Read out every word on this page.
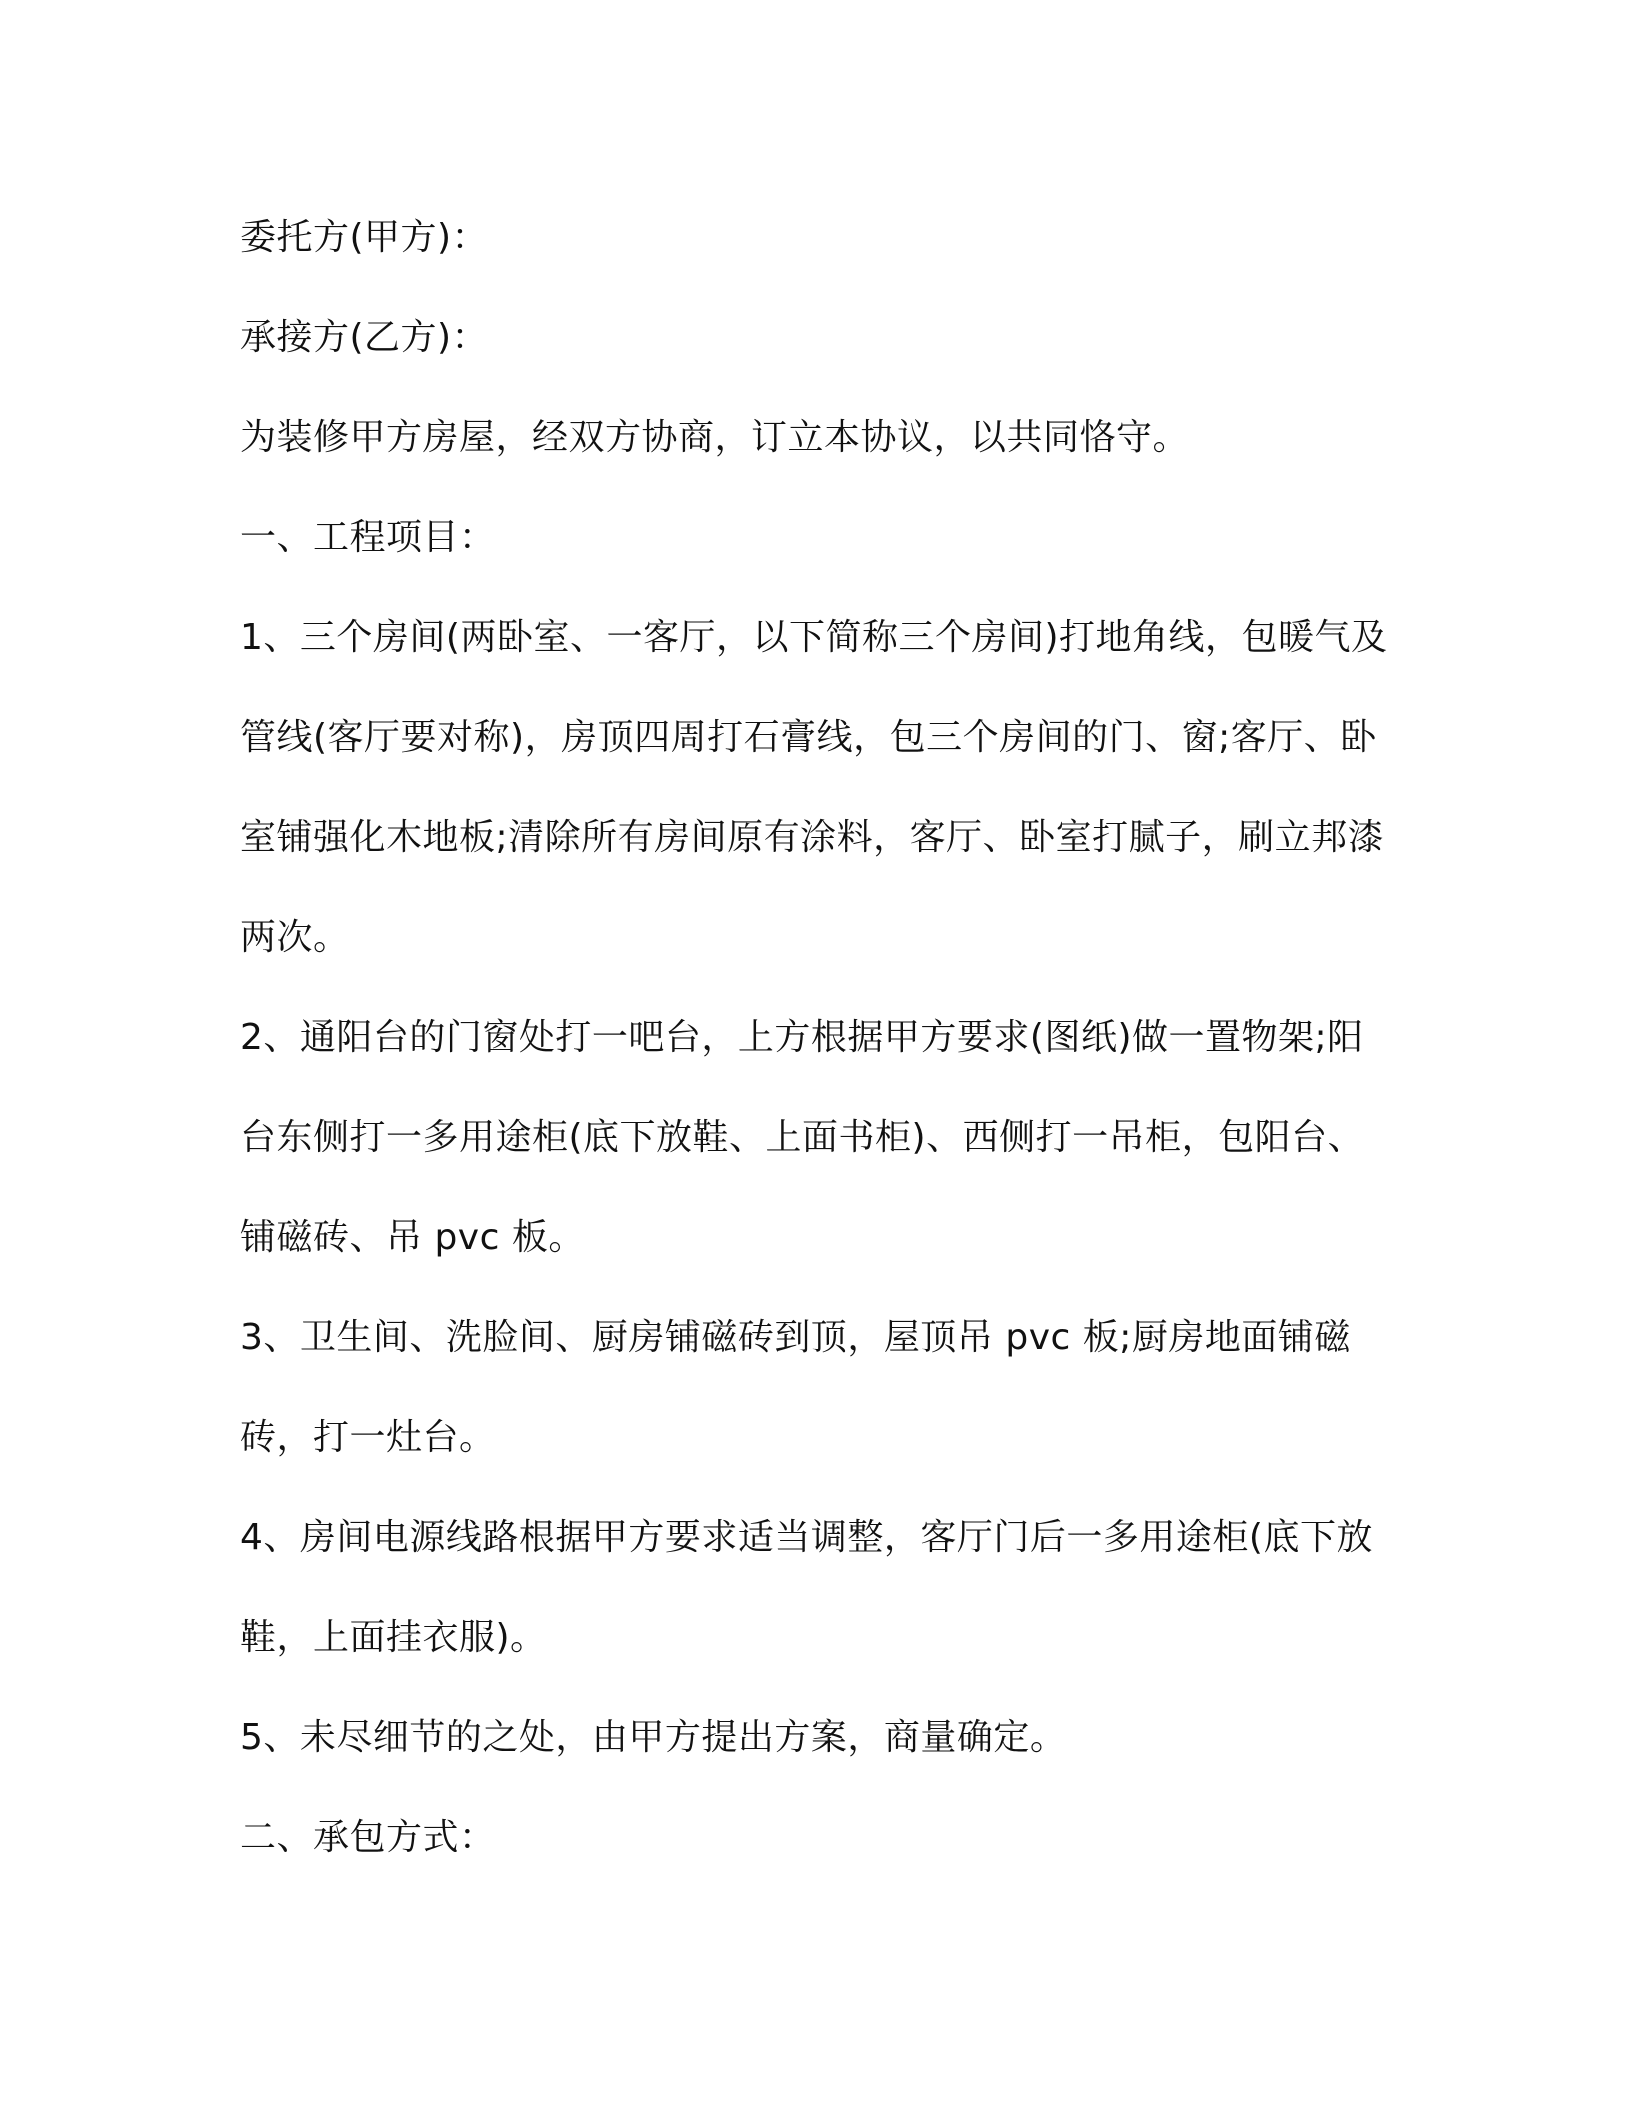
委托方(甲方)：

承接方(乙方)：

为装修甲方房屋，经双方协商，订立本协议，以共同恪守。

一、工程项目：

1、三个房间(两卧室、一客厅，以下简称三个房间)打地角线，包暖气及管线(客厅要对称)，房顶四周打石膏线，包三个房间的门、窗;客厅、卧室铺强化木地板;清除所有房间原有涂料，客厅、卧室打腻子，刷立邦漆两次。

2、通阳台的门窗处打一吧台，上方根据甲方要求(图纸)做一置物架;阳台东侧打一多用途柜(底下放鞋、上面书柜)、西侧打一吊柜，包阳台、铺磁砖、吊 pvc 板。

3、卫生间、洗脸间、厨房铺磁砖到顶，屋顶吊 pvc 板;厨房地面铺磁砖，打一灶台。

4、房间电源线路根据甲方要求适当调整，客厅门后一多用途柜(底下放鞋，上面挂衣服)。

5、未尽细节的之处，由甲方提出方案，商量确定。

二、承包方式：
